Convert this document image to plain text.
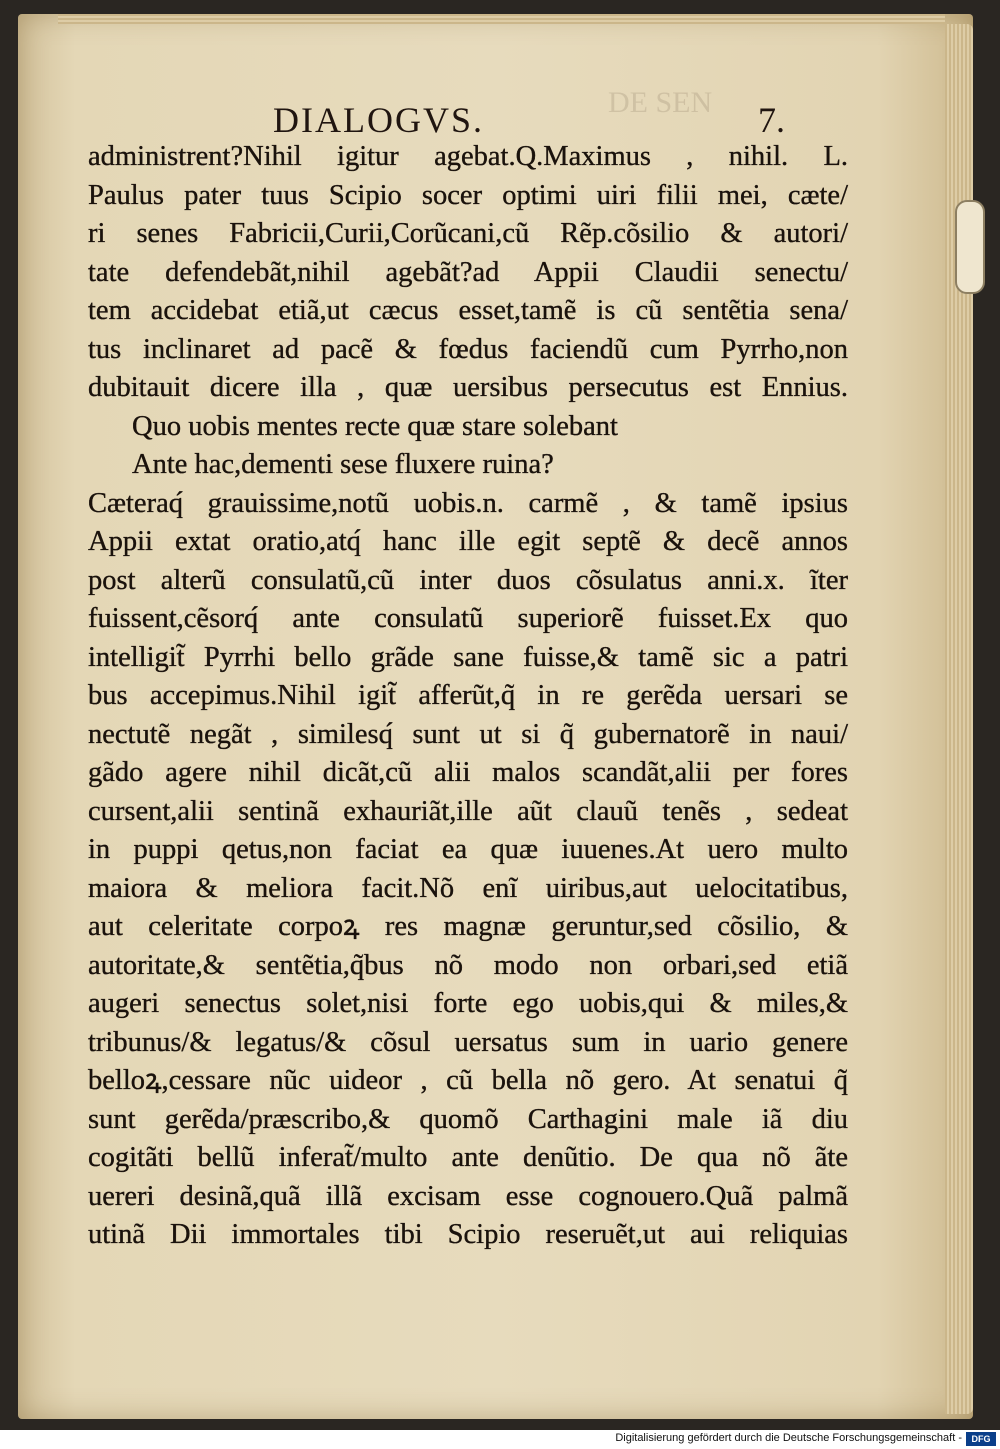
DE SEN
DIALOGVS.	7.
administrent?Nihil igitur agebat.Q.Maximus , nihil. L.
Paulus pater tuus Scipio socer optimi uiri filii mei, cæte/
ri senes Fabricii,Curii,Corũcani,cũ Rẽp.cõsilio & autori/
tate defendebãt,nihil agebãt?ad Appii Claudii senectu/
tem accidebat etiã,ut cæcus esset,tamẽ is cũ sentẽtia sena/
tus inclinaret ad pacẽ & fœdus faciendũ cum Pyrrho,non
dubitauit dicere illa , quæ uersibus persecutus est Ennius.
Quo uobis mentes recte quæ stare solebant
Ante hac,dementi sese fluxere ruina?
Cæteraq́ grauissime,notũ uobis.n. carmẽ , & tamẽ ipsius
Appii extat oratio,atq́ hanc ille egit septẽ & decẽ annos
post alterũ consulatũ,cũ inter duos cõsulatus anni.x. ĩter
fuissent,cẽsorq́ ante consulatũ superiorẽ fuisset.Ex quo
intelligit̃ Pyrrhi bello grãde sane fuisse,& tamẽ sic a patri
bus accepimus.Nihil igit̃ afferũt,q̃ in re gerẽda uersari se
nectutẽ negãt , similesq́ sunt ut si q̃ gubernatorẽ in naui/
gãdo agere nihil dicãt,cũ alii malos scandãt,alii per fores
cursent,alii sentinã exhauriãt,ille aũt clauũ tenẽs , sedeat
in puppi qetus,non faciat ea quæ iuuenes.At uero multo
maiora & meliora facit.Nõ enĩ uiribus,aut uelocitatibus,
aut celeritate corpoꝝ res magnæ geruntur,sed cõsilio, &
autoritate,& sentẽtia,q̃bus nõ modo non orbari,sed etiã
augeri senectus solet,nisi forte ego uobis,qui & miles,&
tribunus/& legatus/& cõsul uersatus sum in uario genere
belloꝝ,cessare nũc uideor , cũ bella nõ gero. At senatui q̃
sunt gerẽda/præscribo,& quomõ Carthagini male iã diu
cogitãti bellũ inferat̃/multo ante denũtio. De qua nõ ãte
uereri desinã,quã illã excisam esse cognouero.Quã palmã
utinã Dii immortales tibi Scipio reseruẽt,ut aui reliquias
Digitalisierung gefördert durch die Deutsche Forschungsgemeinschaft -	DFG
